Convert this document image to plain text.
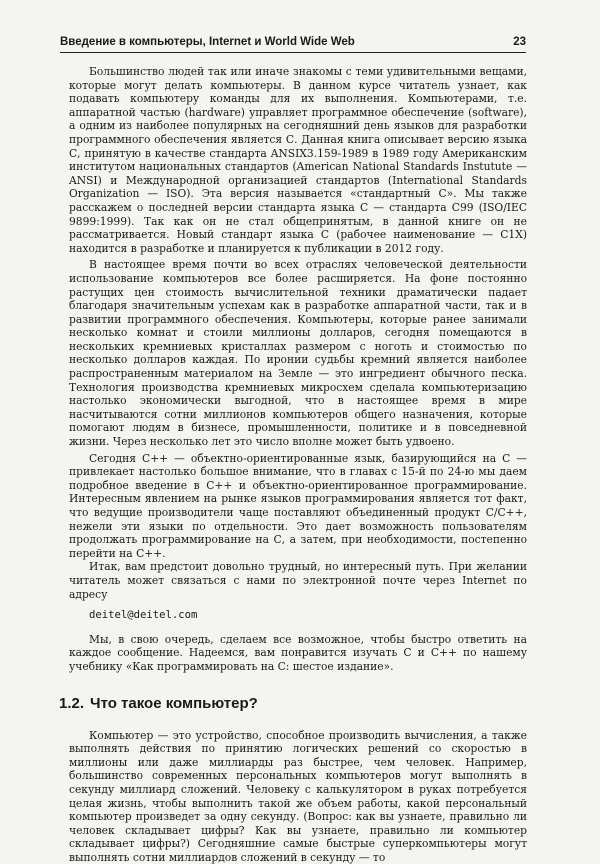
Введение в компьютеры, Internet и World Wide Web	23

Большинство людей так или иначе знакомы с теми удивительными вещами, которые могут делать компьютеры. В данном курсе читатель узнает, как подавать компьютеру команды для их выполнения. Компьютерами, т.е. аппаратной частью (hardware) управляет программное обеспечение (software), а одним из наиболее популярных на сегодняшний день языков для разработки программного обеспечения является С. Данная книга описывает версию языка С, принятую в качестве стандарта ANSIX3.159-1989 в 1989 году Американским институтом национальных стандартов (American National Standards Instutute — ANSI) и Международной организацией стандартов (International Standards Organization — ISO). Эта версия называется «стандартный С». Мы также расскажем о последней версии стандарта языка С — стандарта C99 (ISO/IEC 9899:1999). Так как он не стал общепринятым, в данной книге он не рассматривается. Новый стандарт языка С (рабочее наименование — C1X) находится в разработке и планируется к публикации в 2012 году.

В настоящее время почти во всех отраслях человеческой деятельности использование компьютеров все более расширяется. На фоне постоянно растущих цен стоимость вычислительной техники драматически падает благодаря значительным успехам как в разработке аппаратной части, так и в развитии программного обеспечения. Компьютеры, которые ранее занимали несколько комнат и стоили миллионы долларов, сегодня помещаются в нескольких кремниевых кристаллах размером с ноготь и стоимостью по несколько долларов каждая. По иронии судьбы кремний является наиболее распространенным материалом на Земле — это ингредиент обычного песка. Технология производства кремниевых микросхем сделала компьютеризацию настолько экономически выгодной, что в настоящее время в мире насчитываются сотни миллионов компьютеров общего назначения, которые помогают людям в бизнесе, промышленности, политике и в повседневной жизни. Через несколько лет это число вполне может быть удвоено.

Сегодня С++ — объектно-ориентированные язык, базирующийся на С — привлекает настолько большое внимание, что в главах с 15-й по 24-ю мы даем подробное введение в С++ и объектно-ориентированное программирование. Интересным явлением на рынке языков программирования является тот факт, что ведущие производители чаще поставляют объединенный продукт C/C++, нежели эти языки по отдельности. Это дает возможность пользователям продолжать программирование на С, а затем, при необходимости, постепенно перейти на С++.

Итак, вам предстоит довольно трудный, но интересный путь. При желании читатель может связаться с нами по электронной почте через Internet по адресу

deitel@deitel.com

Мы, в свою очередь, сделаем все возможное, чтобы быстро ответить на каждое сообщение. Надеемся, вам понравится изучать С и С++ по нашему учебнику «Как программировать на С: шестое издание».

1.2. Что такое компьютер?

Компьютер — это устройство, способное производить вычисления, а также выполнять действия по принятию логических решений со скоростью в миллионы или даже миллиарды раз быстрее, чем человек. Например, большинство современных персональных компьютеров могут выполнять в секунду миллиард сложений. Человеку с калькулятором в руках потребуется целая жизнь, чтобы выполнить такой же объем работы, какой персональный компьютер произведет за одну секунду. (Вопрос: как вы узнаете, правильно ли человек складывает цифры? Как вы узнаете, правильно ли компьютер складывает цифры?) Сегодняшние самые быстрые суперкомпьютеры могут выполнять сотни миллиардов сложений в секунду — то
